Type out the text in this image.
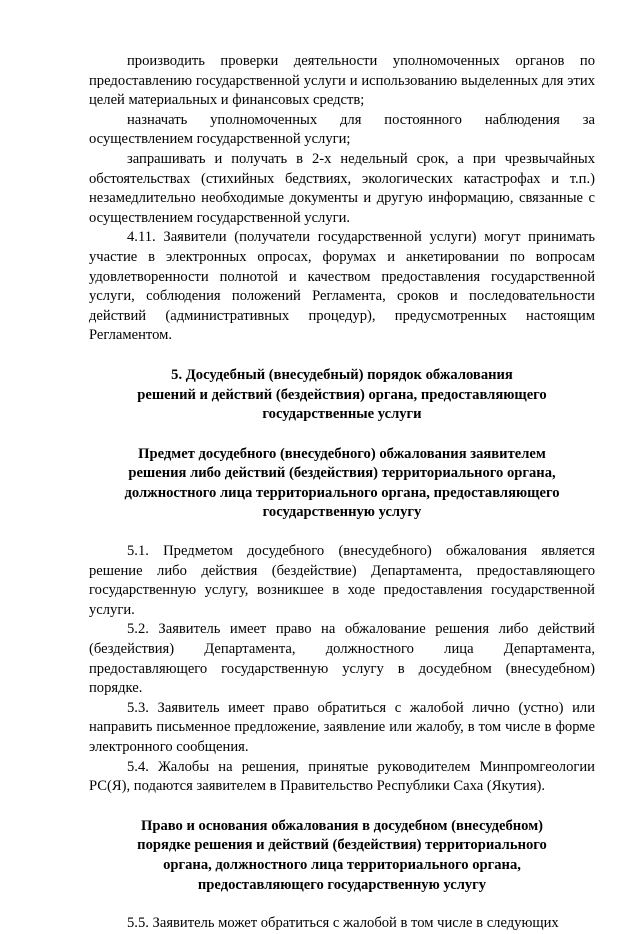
производить проверки деятельности уполномоченных органов по предоставлению государственной услуги и использованию выделенных для этих целей материальных и финансовых средств;

назначать уполномоченных для постоянного наблюдения за осуществлением государственной услуги;

запрашивать и получать в 2-х недельный срок, а при чрезвычайных обстоятельствах (стихийных бедствиях, экологических катастрофах и т.п.) незамедлительно необходимые документы и другую информацию, связанные с осуществлением государственной услуги.

4.11. Заявители (получатели государственной услуги) могут принимать участие в электронных опросах, форумах и анкетировании по вопросам удовлетворенности полнотой и качеством предоставления государственной услуги, соблюдения положений Регламента, сроков и последовательности действий (административных процедур), предусмотренных настоящим Регламентом.

5. Досудебный (внесудебный) порядок обжалования

решений и действий (бездействия) органа, предоставляющего

государственные услуги

Предмет досудебного (внесудебного) обжалования заявителем

решения либо действий (бездействия) территориального органа,

должностного лица территориального органа, предоставляющего

государственную услугу

5.1. Предметом досудебного (внесудебного) обжалования является решение либо действия (бездействие) Департамента, предоставляющего государственную услугу, возникшее в ходе предоставления государственной услуги.

5.2. Заявитель имеет право на обжалование решения либо действий (бездействия) Департамента, должностного лица Департамента, предоставляющего государственную услугу в досудебном (внесудебном) порядке.

5.3. Заявитель имеет право обратиться с жалобой лично (устно) или направить письменное предложение, заявление или жалобу, в том числе в форме электронного сообщения.

5.4. Жалобы на решения, принятые руководителем Минпромгеологии РС(Я), подаются заявителем в Правительство Республики Саха (Якутия).

Право и основания обжалования в досудебном (внесудебном)

порядке решения и действий (бездействия) территориального

органа, должностного лица территориального органа,

предоставляющего государственную услугу

5.5. Заявитель может обратиться с жалобой в том числе в следующих
